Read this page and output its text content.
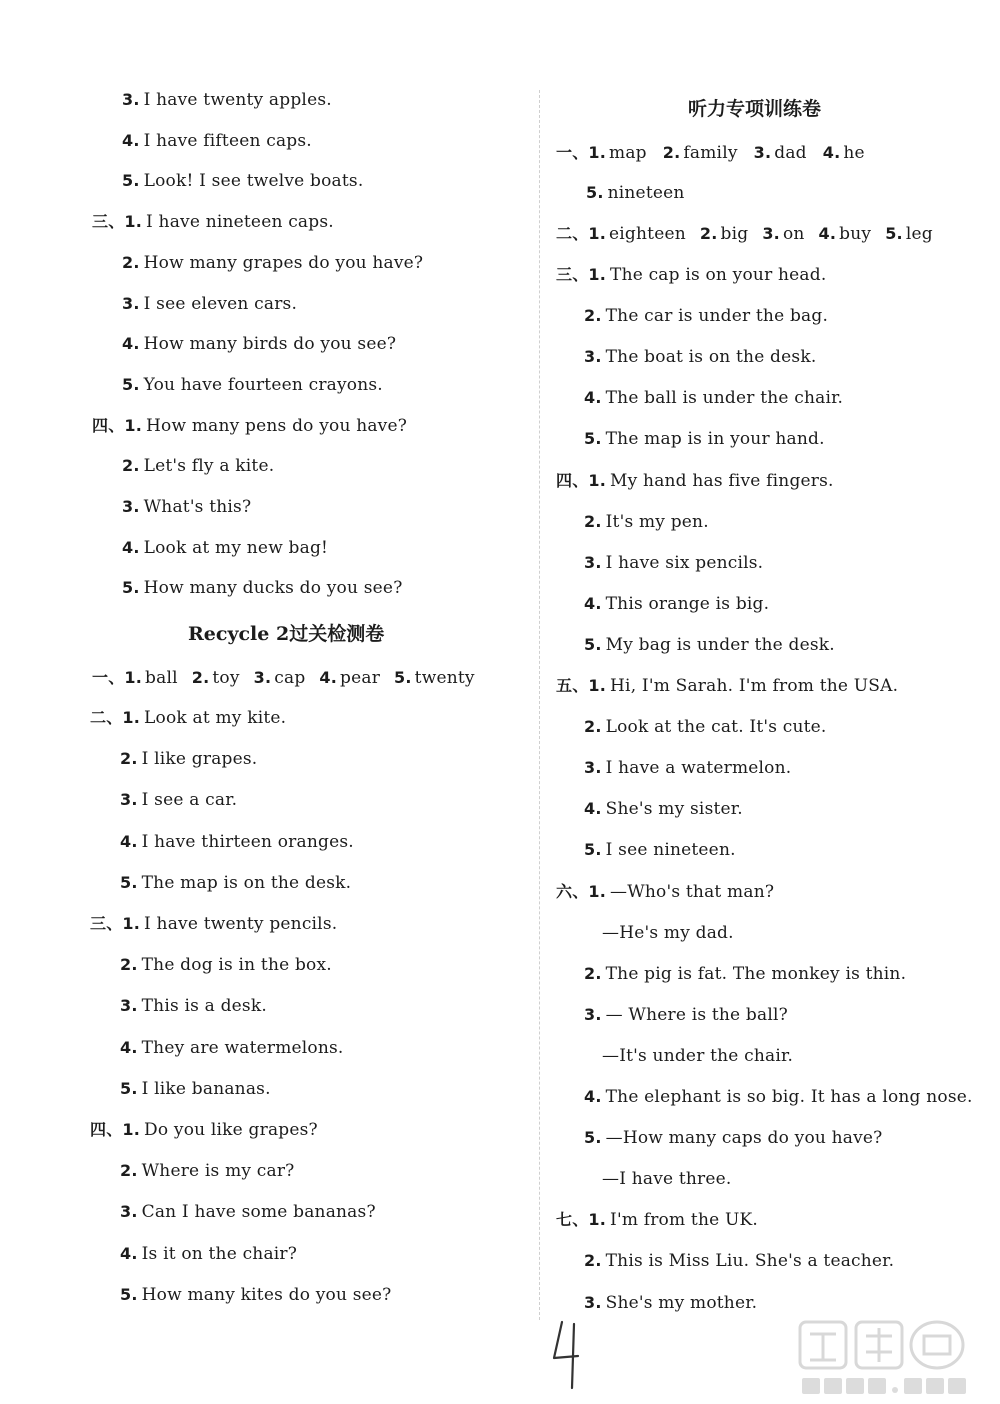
3. I have twenty apples.
4. I have fifteen caps.
5. Look! I see twelve boats.
三、1. I have nineteen caps.
2. How many grapes do you have?
3. I see eleven cars.
4. How many birds do you see?
5. You have fourteen crayons.
四、1. How many pens do you have?
2. Let's fly a kite.
3. What's this?
4. Look at my new bag!
5. How many ducks do you see?
Recycle 2过关检测卷
一、1. ball 2. toy 3. cap 4. pear 5. twenty
二、1. Look at my kite.
2. I like grapes.
3. I see a car.
4. I have thirteen oranges.
5. The map is on the desk.
三、1. I have twenty pencils.
2. The dog is in the box.
3. This is a desk.
4. They are watermelons.
5. I like bananas.
四、1. Do you like grapes?
2. Where is my car?
3. Can I have some bananas?
4. Is it on the chair?
5. How many kites do you see?
听力专项训练卷
一、1. map 2. family 3. dad 4. he
5. nineteen
二、1. eighteen 2. big 3. on 4. buy 5. leg
三、1. The cap is on your head.
2. The car is under the bag.
3. The boat is on the desk.
4. The ball is under the chair.
5. The map is in your hand.
四、1. My hand has five fingers.
2. It's my pen.
3. I have six pencils.
4. This orange is big.
5. My bag is under the desk.
五、1. Hi, I'm Sarah. I'm from the USA.
2. Look at the cat. It's cute.
3. I have a watermelon.
4. She's my sister.
5. I see nineteen.
六、1. —Who's that man?
—He's my dad.
2. The pig is fat. The monkey is thin.
3. — Where is the ball?
—It's under the chair.
4. The elephant is so big. It has a long nose.
5. —How many caps do you have?
—I have three.
七、1. I'm from the UK.
2. This is Miss Liu. She's a teacher.
3. She's my mother.
